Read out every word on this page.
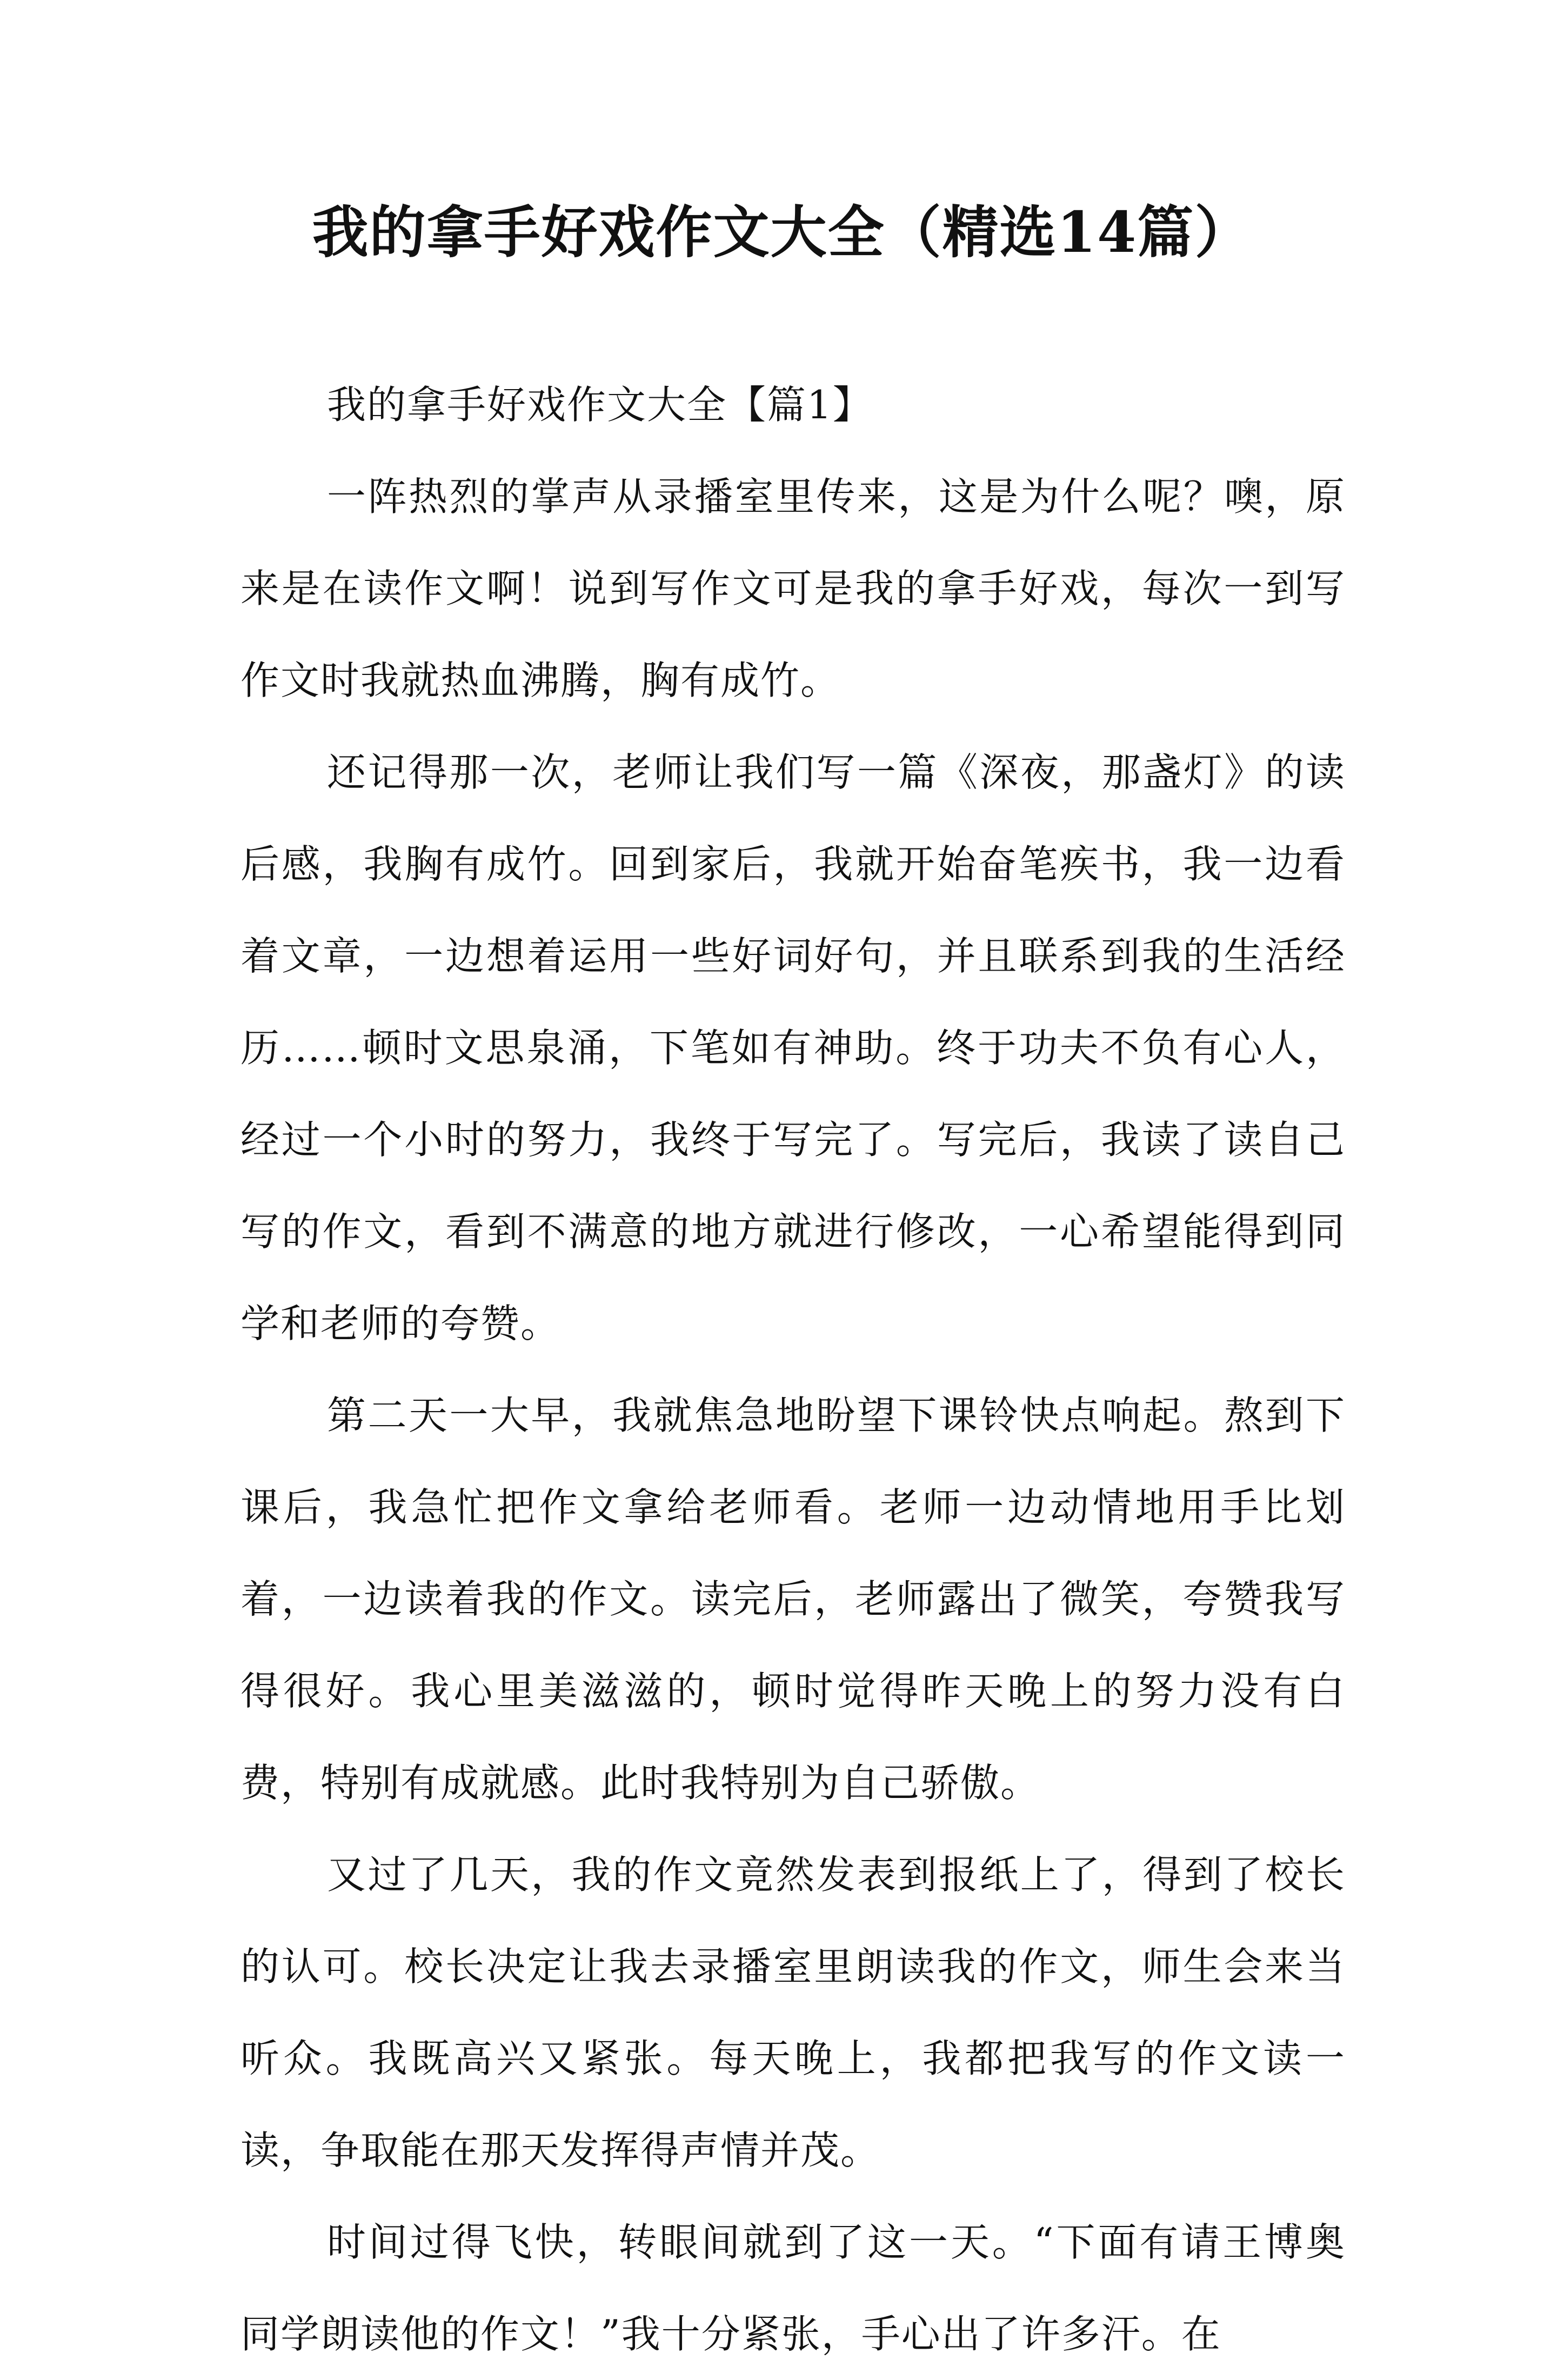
我的拿手好戏作文大全（精选14篇）

我的拿手好戏作文大全【篇1】

一阵热烈的掌声从录播室里传来，这是为什么呢？噢，原来是在读作文啊！说到写作文可是我的拿手好戏，每次一到写作文时我就热血沸腾，胸有成竹。

还记得那一次，老师让我们写一篇《深夜，那盏灯》的读后感，我胸有成竹。回到家后，我就开始奋笔疾书，我一边看着文章，一边想着运用一些好词好句，并且联系到我的生活经历……顿时文思泉涌，下笔如有神助。终于功夫不负有心人，经过一个小时的努力，我终于写完了。写完后，我读了读自己写的作文，看到不满意的地方就进行修改，一心希望能得到同学和老师的夸赞。

第二天一大早，我就焦急地盼望下课铃快点响起。熬到下课后，我急忙把作文拿给老师看。老师一边动情地用手比划着，一边读着我的作文。读完后，老师露出了微笑，夸赞我写得很好。我心里美滋滋的，顿时觉得昨天晚上的努力没有白费，特别有成就感。此时我特别为自己骄傲。

又过了几天，我的作文竟然发表到报纸上了，得到了校长的认可。校长决定让我去录播室里朗读我的作文，师生会来当听众。我既高兴又紧张。每天晚上，我都把我写的作文读一读，争取能在那天发挥得声情并茂。

时间过得飞快，转眼间就到了这一天。“下面有请王博奥同学朗读他的作文！”我十分紧张，手心出了许多汗。在
